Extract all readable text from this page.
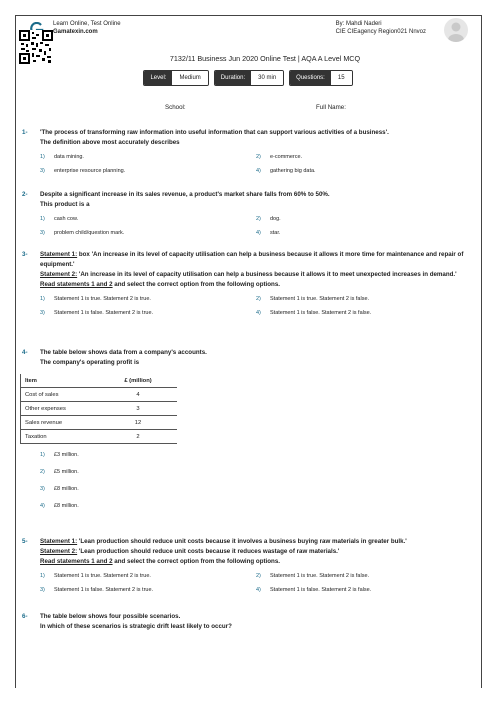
Learn Online, Test Online
Gamatexin.com
By: Mahdi Naderi
CIE CIEagency Region021 Nnvoz
7132/11 Business Jun 2020 Online Test | AQA A Level MCQ
Level:	Medium	Duration:	30 min	Questions:	15
School:	Full Name:
1- 'The process of transforming raw information into useful information that can support various activities of a business'.
The definition above most accurately describes
1)	data mining.	2)	e-commerce.
3)	enterprise resource planning.	4)	gathering big data.
2- Despite a significant increase in its sales revenue, a product's market share falls from 60% to 50%.
This product is a
1)	cash cow.	2)	dog.
3)	problem child/question mark.	4)	star.
3- Statement 1: box 'An increase in its level of capacity utilisation can help a business because it allows it more time for maintenance and repair of equipment.'
Statement 2: 'An increase in its level of capacity utilisation can help a business because it allows it to meet unexpected increases in demand.'
Read statements 1 and 2 and select the correct option from the following options.
1)	Statement 1 is true. Statement 2 is true.	2)	Statement 1 is true. Statement 2 is false.
3)	Statement 1 is false. Statement 2 is true.	4)	Statement 1 is false. Statement 2 is false.
4- The table below shows data from a company's accounts.
The company's operating profit is
Item	£ (million)
Cost of sales	4
Other expenses	3
Sales revenue	12
Taxation	2
1)	£3 million.
2)	£5 million.
3)	£8 million.
4)	£8 million.
5- Statement 1: 'Lean production should reduce unit costs because it involves a business buying raw materials in greater bulk.'
Statement 2: 'Lean production should reduce unit costs because it reduces wastage of raw materials.'
Read statements 1 and 2 and select the correct option from the following options.
1)	Statement 1 is true. Statement 2 is true.	2)	Statement 1 is true. Statement 2 is false.
3)	Statement 1 is false. Statement 2 is true.	4)	Statement 1 is false. Statement 2 is false.
6- The table below shows four possible scenarios.
In which of these scenarios is strategic drift least likely to occur?
